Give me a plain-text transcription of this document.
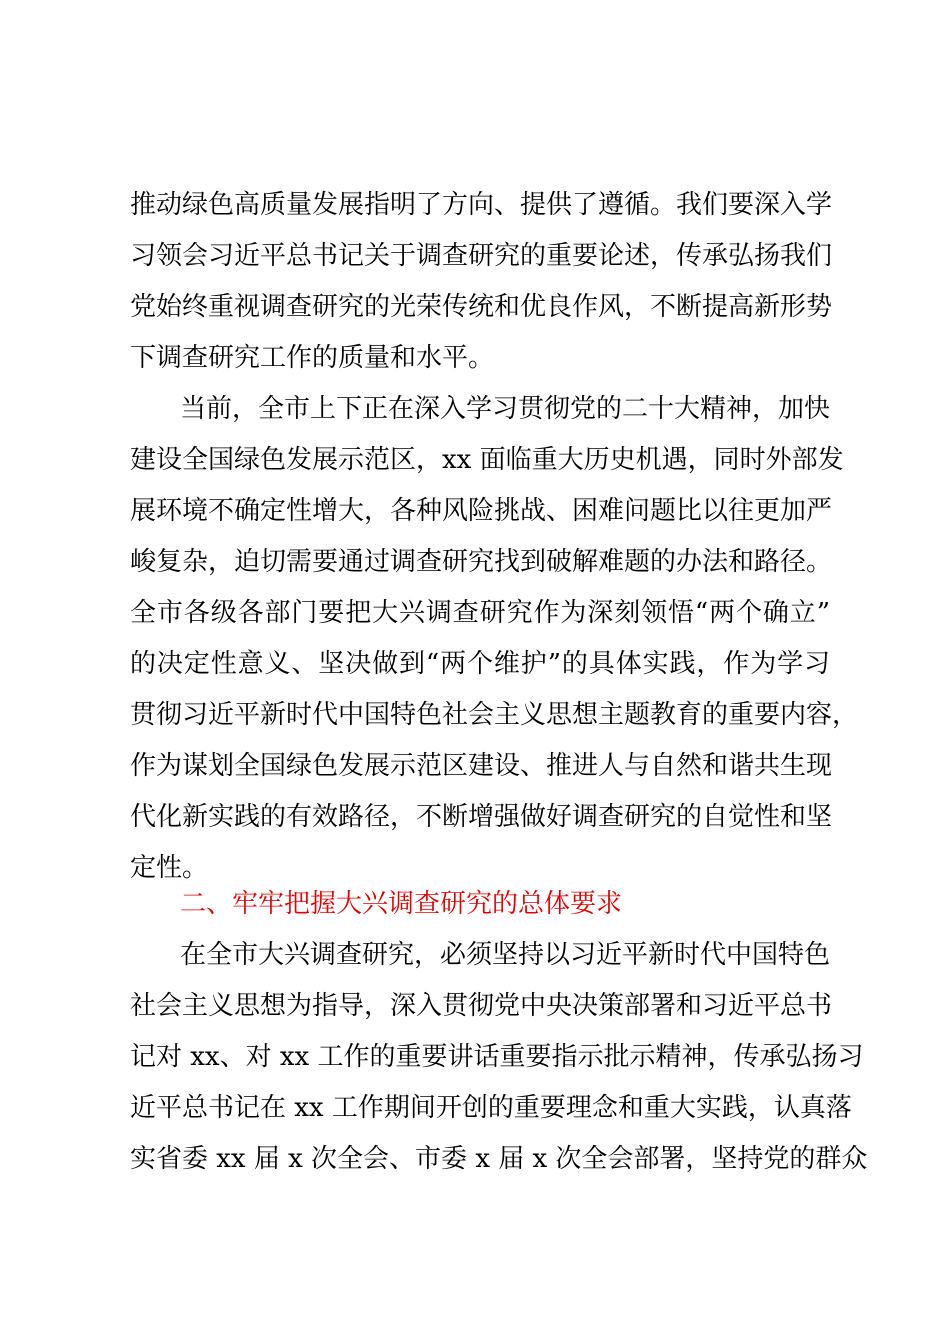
推动绿色高质量发展指明了方向、提供了遵循。我们要深入学
习领会习近平总书记关于调查研究的重要论述，传承弘扬我们
党始终重视调查研究的光荣传统和优良作风，不断提高新形势
下调查研究工作的质量和水平。
当前，全市上下正在深入学习贯彻党的二十大精神，加快
建设全国绿色发展示范区，xx 面临重大历史机遇，同时外部发
展环境不确定性增大，各种风险挑战、困难问题比以往更加严
峻复杂，迫切需要通过调查研究找到破解难题的办法和路径。
全市各级各部门要把大兴调查研究作为深刻领悟“两个确立”
的决定性意义、坚决做到“两个维护”的具体实践，作为学习
贯彻习近平新时代中国特色社会主义思想主题教育的重要内容，
作为谋划全国绿色发展示范区建设、推进人与自然和谐共生现
代化新实践的有效路径，不断增强做好调查研究的自觉性和坚
定性。
二、牢牢把握大兴调查研究的总体要求
在全市大兴调查研究，必须坚持以习近平新时代中国特色
社会主义思想为指导，深入贯彻党中央决策部署和习近平总书
记对 xx、对 xx 工作的重要讲话重要指示批示精神，传承弘扬习
近平总书记在 xx 工作期间开创的重要理念和重大实践，认真落
实省委 xx 届 x 次全会、市委 x 届 x 次全会部署，坚持党的群众
